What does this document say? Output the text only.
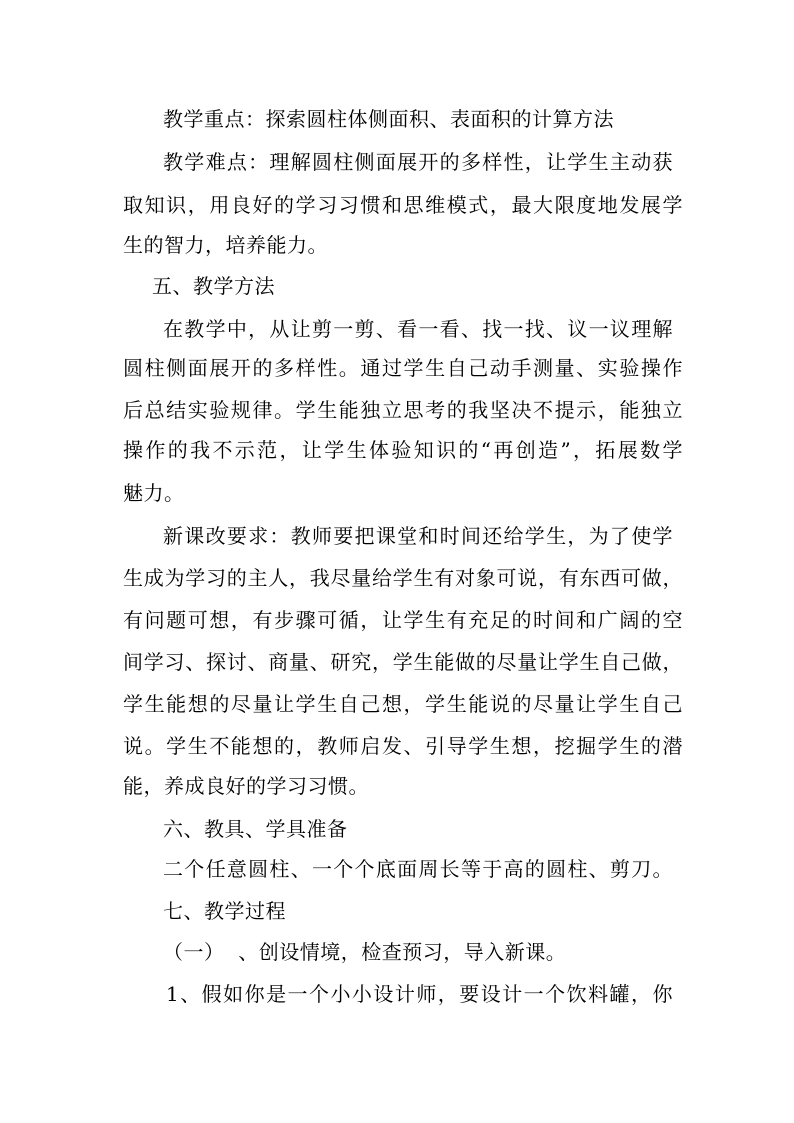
教学重点：探索圆柱体侧面积、表面积的计算方法
教学难点：理解圆柱侧面展开的多样性，让学生主动获
取知识，用良好的学习习惯和思维模式，最大限度地发展学
生的智力，培养能力。
五、教学方法
在教学中，从让剪一剪、看一看、找一找、议一议理解
圆柱侧面展开的多样性。通过学生自己动手测量、实验操作
后总结实验规律。学生能独立思考的我坚决不提示，能独立
操作的我不示范，让学生体验知识的“再创造”，拓展数学
魅力。
新课改要求：教师要把课堂和时间还给学生，为了使学
生成为学习的主人，我尽量给学生有对象可说，有东西可做，
有问题可想，有步骤可循，让学生有充足的时间和广阔的空
间学习、探讨、商量、研究，学生能做的尽量让学生自己做，
学生能想的尽量让学生自己想，学生能说的尽量让学生自己
说。学生不能想的，教师启发、引导学生想，挖掘学生的潜
能，养成良好的学习习惯。
六、教具、学具准备
二个任意圆柱、一个个底面周长等于高的圆柱、剪刀。
七、教学过程
（一）  、创设情境，检查预习，导入新课。
1、假如你是一个小小设计师，要设计一个饮料罐，你
